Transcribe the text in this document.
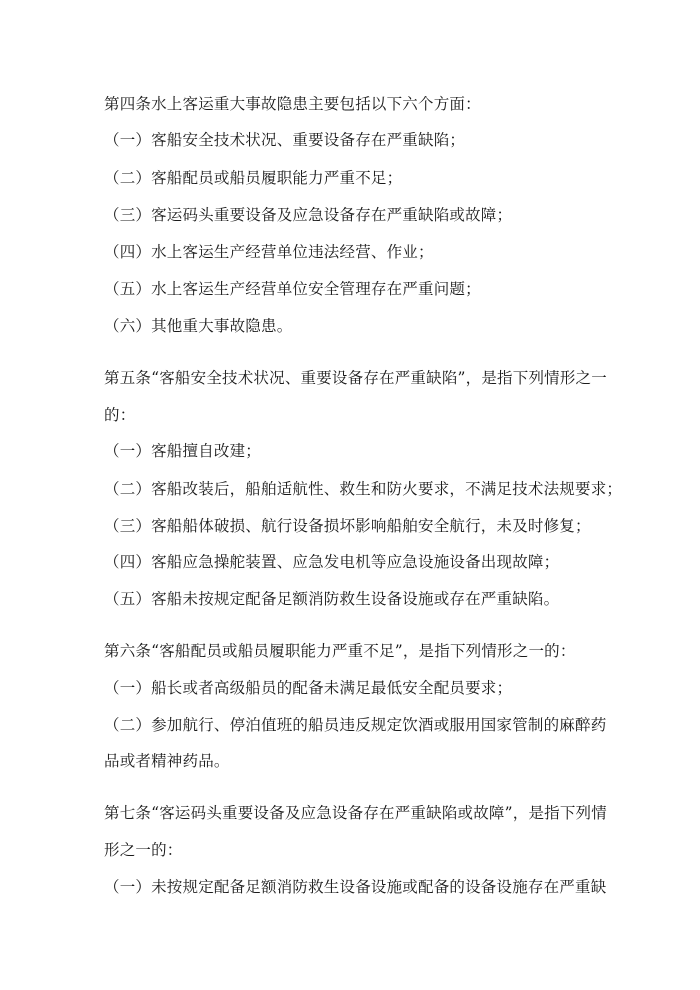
第四条水上客运重大事故隐患主要包括以下六个方面：
（一）客船安全技术状况、重要设备存在严重缺陷；
（二）客船配员或船员履职能力严重不足；
（三）客运码头重要设备及应急设备存在严重缺陷或故障；
（四）水上客运生产经营单位违法经营、作业；
（五）水上客运生产经营单位安全管理存在严重问题；
（六）其他重大事故隐患。
第五条“客船安全技术状况、重要设备存在严重缺陷”，是指下列情形之一
的：
（一）客船擅自改建；
（二）客船改装后，船舶适航性、救生和防火要求，不满足技术法规要求；
（三）客船船体破损、航行设备损坏影响船舶安全航行，未及时修复；
（四）客船应急操舵装置、应急发电机等应急设施设备出现故障；
（五）客船未按规定配备足额消防救生设备设施或存在严重缺陷。
第六条“客船配员或船员履职能力严重不足”，是指下列情形之一的：
（一）船长或者高级船员的配备未满足最低安全配员要求；
（二）参加航行、停泊值班的船员违反规定饮酒或服用国家管制的麻醉药
品或者精神药品。
第七条“客运码头重要设备及应急设备存在严重缺陷或故障”，是指下列情
形之一的：
（一）未按规定配备足额消防救生设备设施或配备的设备设施存在严重缺
